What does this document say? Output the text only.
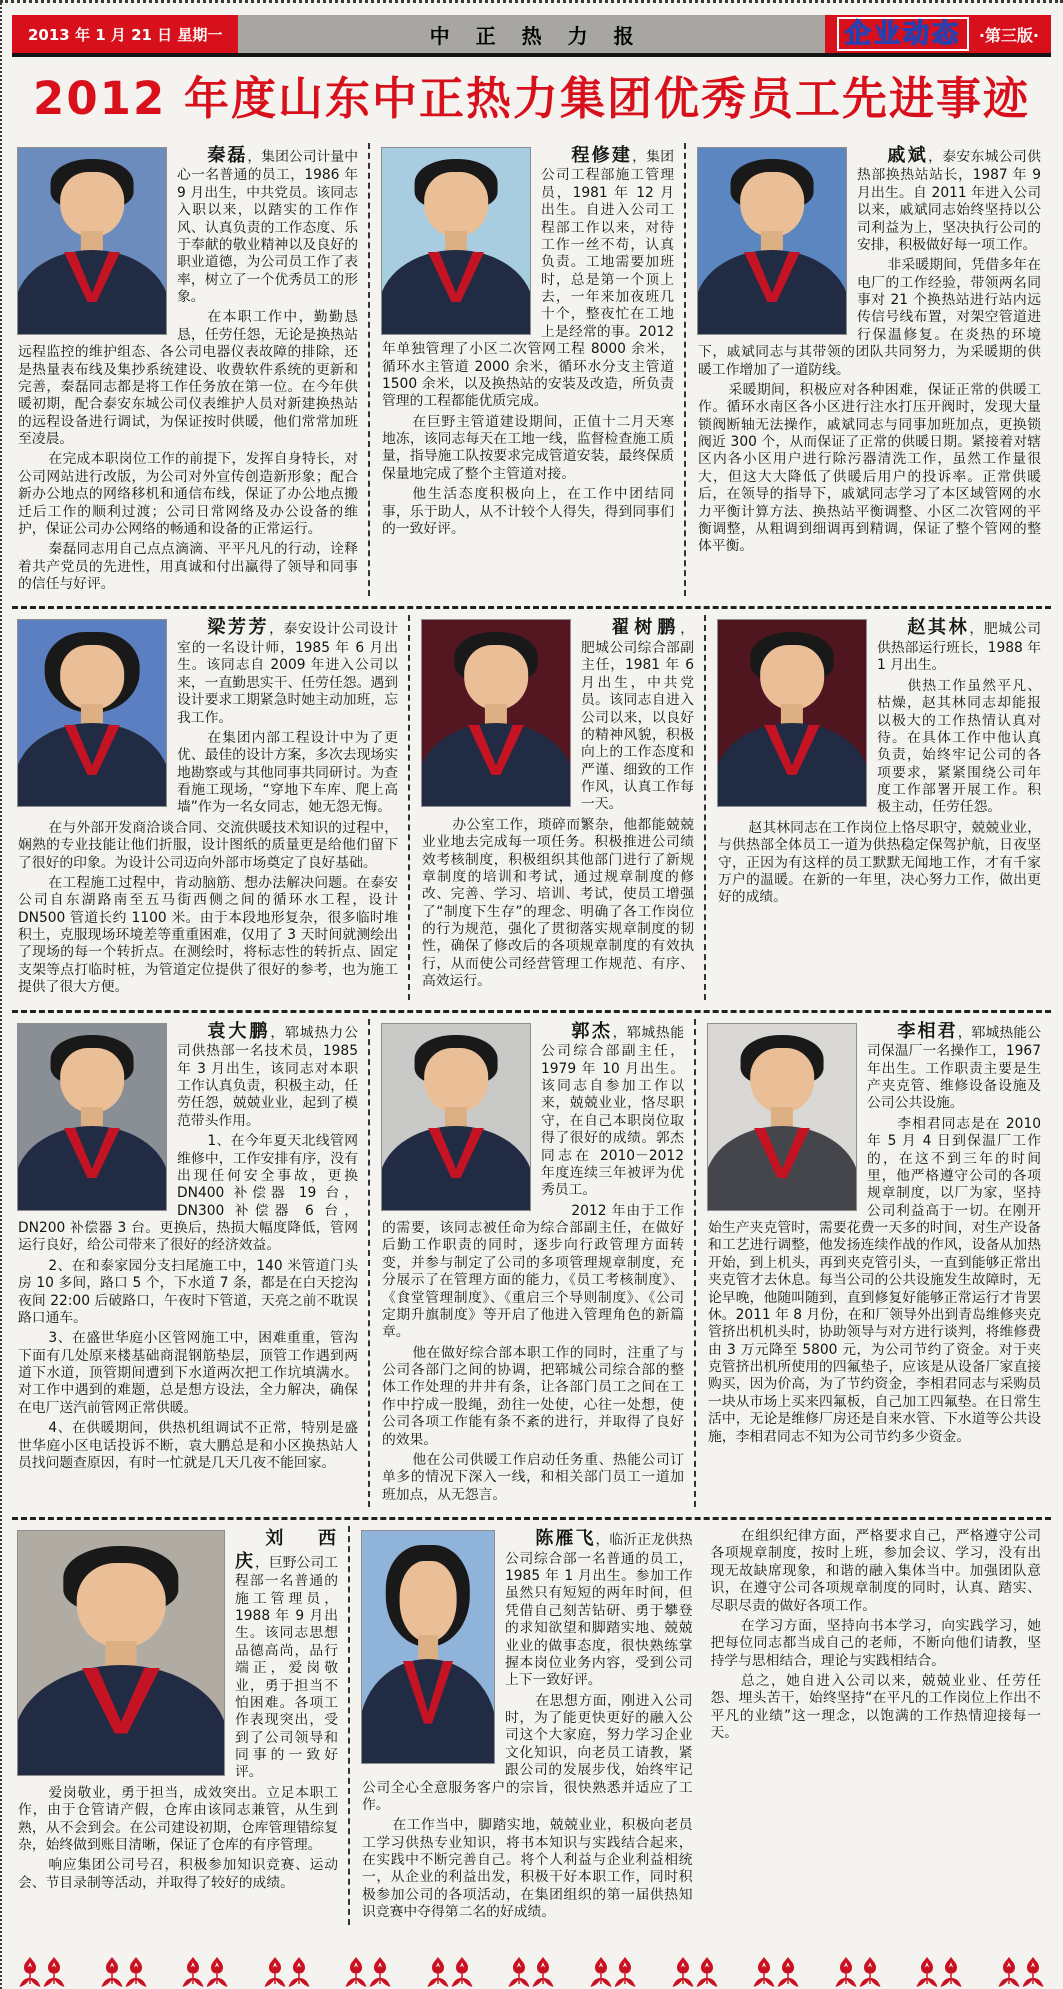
2013 年 1 月 21 日 星期一	中正热力报	企业动态	·第三版·
2012 年度山东中正热力集团优秀员工先进事迹

秦磊，集团公司计量中心一名普通的员工，1986 年 9 月出生，中共党员。该同志入职以来，以踏实的工作作风、认真负责的工作态度、乐于奉献的敬业精神以及良好的职业道德，为公司员工作了表率，树立了一个优秀员工的形象。

在本职工作中，勤勤恳恳，任劳任怨，无论是换热站远程监控的维护组态、各公司电器仪表故障的排除，还是热量表布线及集抄系统建设、收费软件系统的更新和完善，秦磊同志都是将工作任务放在第一位。在今年供暖初期，配合泰安东城公司仪表维护人员对新建换热站的远程设备进行调试，为保证按时供暖，他们常常加班至凌晨。

在完成本职岗位工作的前提下，发挥自身特长，对公司网站进行改版，为公司对外宣传创造新形象；配合新办公地点的网络移机和通信布线，保证了办公地点搬迁后工作的顺利过渡；公司日常网络及办公设备的维护，保证公司办公网络的畅通和设备的正常运行。

秦磊同志用自己点点滴滴、平平凡凡的行动，诠释着共产党员的先进性，用真诚和付出赢得了领导和同事的信任与好评。

程修建，集团公司工程部施工管理员，1981 年 12 月出生。自进入公司工程部工作以来，对待工作一丝不苟，认真负责。工地需要加班时，总是第一个顶上去，一年来加夜班几十个，整夜忙在工地上是经常的事。2012 年单独管理了小区二次管网工程 8000 余米，循环水主管道 2000 余米，循环水分支主管道 1500 余米，以及换热站的安装及改造，所负责管理的工程都能优质完成。

在巨野主管道建设期间，正值十二月天寒地冻，该同志每天在工地一线，监督检查施工质量，指导施工队按要求完成管道安装，最终保质保量地完成了整个主管道对接。

他生活态度积极向上，在工作中团结同事，乐于助人，从不计较个人得失，得到同事们的一致好评。

戚斌，泰安东城公司供热部换热站站长，1987 年 9 月出生。自 2011 年进入公司以来，戚斌同志始终坚持以公司利益为上，坚决执行公司的安排，积极做好每一项工作。

非采暖期间，凭借多年在电厂的工作经验，带领两名同事对 21 个换热站进行站内远传信号线布置，对架空管道进行保温修复。在炎热的环境下，戚斌同志与其带领的团队共同努力，为采暖期的供暖工作增加了一道防线。

采暖期间，积极应对各种困难，保证正常的供暖工作。循环水南区各小区进行注水打压开阀时，发现大量锁阀断轴无法操作，戚斌同志与同事加班加点，更换锁阀近 300 个，从而保证了正常的供暖日期。紧接着对辖区内各小区用户进行除污器清洗工作，虽然工作量很大，但这大大降低了供暖后用户的投诉率。正常供暖后，在领导的指导下，戚斌同志学习了本区域管网的水力平衡计算方法、换热站平衡调整、小区二次管网的平衡调整，从粗调到细调再到精调，保证了整个管网的整体平衡。

梁芳芳，泰安设计公司设计室的一名设计师，1985 年 6 月出生。该同志自 2009 年进入公司以来，一直勤思实干、任劳任怨。遇到设计要求工期紧急时她主动加班，忘我工作。

在集团内部工程设计中为了更优、最佳的设计方案，多次去现场实地勘察或与其他同事共同研讨。为查看施工现场，“穿地下车库、爬上高墙”作为一名女同志，她无怨无悔。

在与外部开发商洽谈合同、交流供暖技术知识的过程中，娴熟的专业技能让他们折服，设计图纸的质量更是给他们留下了很好的印象。为设计公司迈向外部市场奠定了良好基础。

在工程施工过程中，肯动脑筋、想办法解决问题。在泰安公司自东湖路南至五马街西侧之间的循环水工程，设计 DN500 管道长约 1100 米。由于本段地形复杂，很多临时堆积土，克服现场环境差等重重困难，仅用了 3 天时间就测绘出了现场的每一个转折点。在测绘时，将标志性的转折点、固定支架等点打临时桩，为管道定位提供了很好的参考，也为施工提供了很大方便。

翟树鹏，肥城公司综合部副主任，1981 年 6 月出生，中共党员。该同志自进入公司以来，以良好的精神风貌，积极向上的工作态度和严谨、细致的工作作风，认真工作每一天。

办公室工作，琐碎而繁杂，他都能兢兢业业地去完成每一项任务。积极推进公司绩效考核制度，积极组织其他部门进行了新规章制度的培训和考试，通过规章制度的修改、完善、学习、培训、考试，使员工增强了“制度下生存”的理念、明确了各工作岗位的行为规范，强化了贯彻落实规章制度的韧性，确保了修改后的各项规章制度的有效执行，从而使公司经营管理工作规范、有序、高效运行。

赵其林，肥城公司供热部运行班长，1988 年 1 月出生。

供热工作虽然平凡、枯燥，赵其林同志却能报以极大的工作热情认真对待。在具体工作中他认真负责，始终牢记公司的各项要求，紧紧围绕公司年度工作部署开展工作。积极主动，任劳任怨。

赵其林同志在工作岗位上恪尽职守，兢兢业业，与供热部全体员工一道为供热稳定保驾护航，日夜坚守，正因为有这样的员工默默无闻地工作，才有千家万户的温暖。在新的一年里，决心努力工作，做出更好的成绩。

袁大鹏，郓城热力公司供热部一名技术员，1985 年 3 月出生，该同志对本职工作认真负责，积极主动，任劳任怨，兢兢业业，起到了模范带头作用。

1、在今年夏天北线管网维修中，工作安排有序，没有出现任何安全事故，更换 DN400 补偿器 19 台，DN300 补偿器 6 台，DN200 补偿器 3 台。更换后，热损大幅度降低，管网运行良好，给公司带来了很好的经济效益。

2、在和泰家园分支扫尾施工中，140 米管道门头房 10 多间，路口 5 个，下水道 7 条，都是在白天挖沟夜间 22:00 后破路口，午夜时下管道，天亮之前不耽误路口通车。

3、在盛世华庭小区管网施工中，困难重重，管沟下面有几处原来楼基础商混钢筋垫层，顶管工作遇到两道下水道，顶管期间遭到下水道两次把工作坑填满水。对工作中遇到的难题，总是想方设法，全力解决，确保在电厂送汽前管网正常供暖。

4、在供暖期间，供热机组调试不正常，特别是盛世华庭小区电话投诉不断，袁大鹏总是和小区换热站人员找问题查原因，有时一忙就是几天几夜不能回家。

郭杰，郓城热能公司综合部副主任，1979 年 10 月出生。该同志自参加工作以来，兢兢业业，恪尽职守，在自己本职岗位取得了很好的成绩。郭杰同志在 2010－2012 年度连续三年被评为优秀员工。

2012 年由于工作的需要，该同志被任命为综合部副主任，在做好后勤工作职责的同时，逐步向行政管理方面转变，并参与制定了公司的多项管理规章制度，充分展示了在管理方面的能力，《员工考核制度》、《食堂管理制度》、《重启三个导则制度》、《公司定期升旗制度》等开启了他进入管理角色的新篇章。

他在做好综合部本职工作的同时，注重了与公司各部门之间的协调，把郓城公司综合部的整体工作处理的井井有条，让各部门员工之间在工作中拧成一股绳，劲往一处使，心往一处想，使公司各项工作能有条不紊的进行，并取得了良好的效果。

他在公司供暖工作启动任务重、热能公司订单多的情况下深入一线，和相关部门员工一道加班加点，从无怨言。

李相君，郓城热能公司保温厂一名操作工，1967 年出生。工作职责主要是生产夹克管、维修设备设施及公司公共设施。

李相君同志是在 2010 年 5 月 4 日到保温厂工作的，在这不到三年的时间里，他严格遵守公司的各项规章制度，以厂为家，坚持公司利益高于一切。在刚开始生产夹克管时，需要花费一天多的时间，对生产设备和工艺进行调整，他发扬连续作战的作风，设备从加热开始，到上机头，再到夹克管引头，一直到能够正常出夹克管才去休息。每当公司的公共设施发生故障时，无论早晚，他随叫随到，直到修复好能够正常运行才肯罢休。2011 年 8 月份，在和厂领导外出到青岛维修夹克管挤出机机头时，协助领导与对方进行谈判，将维修费由 3 万元降至 5800 元，为公司节约了资金。对于夹克管挤出机所使用的四氟垫子，应该是从设备厂家直接购买，因为价高，为了节约资金，李相君同志与采购员一块从市场上买来四氟板，自己加工四氟垫。在日常生活中，无论是维修厂房还是自来水管、下水道等公共设施，李相君同志不知为公司节约多少资金。

刘西庆，巨野公司工程部一名普通的施工管理员，1988 年 9 月出生。该同志思想品德高尚，品行端正，爱岗敬业，勇于担当不怕困难。各项工作表现突出，受到了公司领导和同事的一致好评。

爱岗敬业，勇于担当，成效突出。立足本职工作，由于仓管请产假，仓库由该同志兼管，从生到熟，从不会到会。在公司建设初期，仓库管理错综复杂，始终做到账目清晰，保证了仓库的有序管理。

响应集团公司号召，积极参加知识竞赛、运动会、节目录制等活动，并取得了较好的成绩。

陈雁飞，临沂正龙供热公司综合部一名普通的员工，1985 年 1 月出生。参加工作虽然只有短短的两年时间，但凭借自己刻苦钻研、勇于攀登的求知欲望和脚踏实地、兢兢业业的做事态度，很快熟练掌握本岗位业务内容，受到公司上下一致好评。

在思想方面，刚进入公司时，为了能更快更好的融入公司这个大家庭，努力学习企业文化知识，向老员工请教，紧跟公司的发展步伐，始终牢记公司全心全意服务客户的宗旨，很快熟悉并适应了工作。

在工作当中，脚踏实地，兢兢业业，积极向老员工学习供热专业知识，将书本知识与实践结合起来，在实践中不断完善自己。将个人利益与企业利益相统一，从企业的利益出发，积极干好本职工作，同时积极参加公司的各项活动，在集团组织的第一届供热知识竞赛中夺得第二名的好成绩。

在组织纪律方面，严格要求自己，严格遵守公司各项规章制度，按时上班，参加会议、学习，没有出现无故缺席现象，和谐的融入集体当中。加强团队意识，在遵守公司各项规章制度的同时，认真、踏实、尽职尽责的做好各项工作。

在学习方面，坚持向书本学习，向实践学习，她把每位同志都当成自己的老师，不断向他们请教，坚持学与思相结合，理论与实践相结合。

总之，她自进入公司以来，兢兢业业、任劳任怨、埋头苦干，始终坚持“在平凡的工作岗位上作出不平凡的业绩”这一理念，以饱满的工作热情迎接每一天。
